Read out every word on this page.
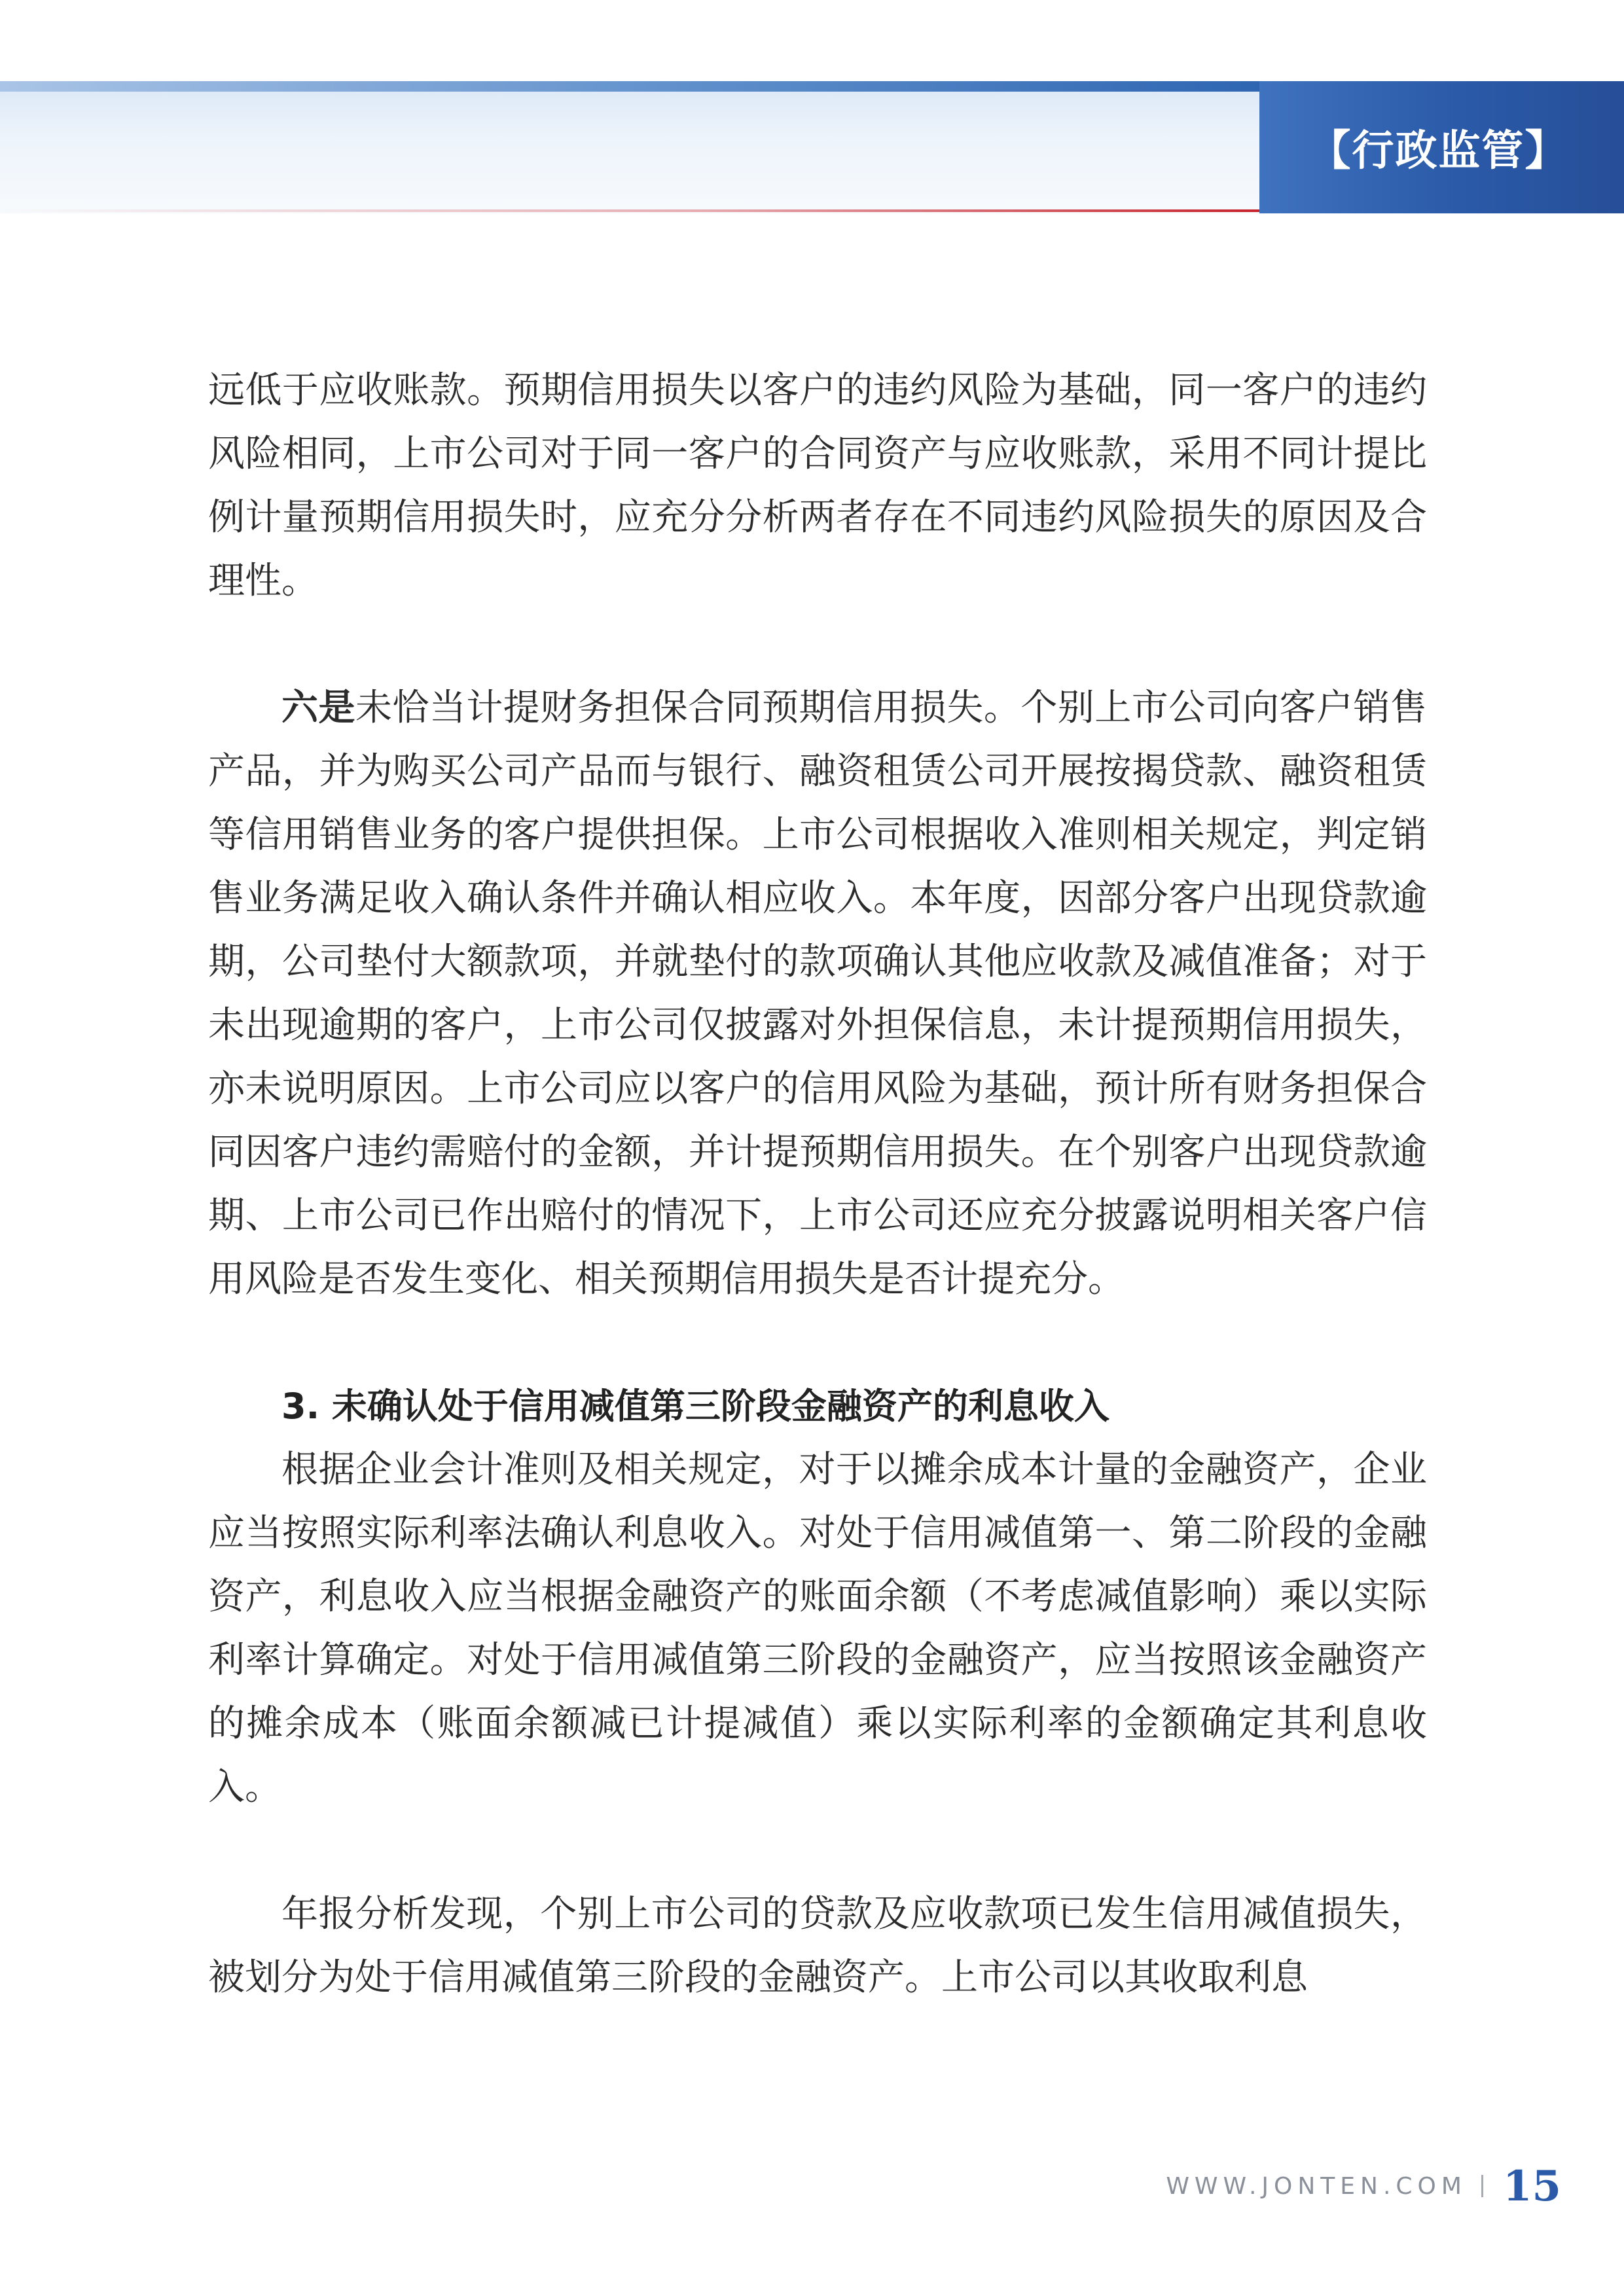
【行政监管】

远低于应收账款。预期信用损失以客户的违约风险为基础，同一客户的违约风险相同，上市公司对于同一客户的合同资产与应收账款，采用不同计提比例计量预期信用损失时，应充分分析两者存在不同违约风险损失的原因及合理性。

六是未恰当计提财务担保合同预期信用损失。个别上市公司向客户销售产品，并为购买公司产品而与银行、融资租赁公司开展按揭贷款、融资租赁等信用销售业务的客户提供担保。上市公司根据收入准则相关规定，判定销售业务满足收入确认条件并确认相应收入。本年度，因部分客户出现贷款逾期，公司垫付大额款项，并就垫付的款项确认其他应收款及减值准备；对于未出现逾期的客户，上市公司仅披露对外担保信息，未计提预期信用损失，亦未说明原因。上市公司应以客户的信用风险为基础，预计所有财务担保合同因客户违约需赔付的金额，并计提预期信用损失。在个别客户出现贷款逾期、上市公司已作出赔付的情况下，上市公司还应充分披露说明相关客户信用风险是否发生变化、相关预期信用损失是否计提充分。

3. 未确认处于信用减值第三阶段金融资产的利息收入

根据企业会计准则及相关规定，对于以摊余成本计量的金融资产，企业应当按照实际利率法确认利息收入。对处于信用减值第一、第二阶段的金融资产，利息收入应当根据金融资产的账面余额（不考虑减值影响）乘以实际利率计算确定。对处于信用减值第三阶段的金融资产，应当按照该金融资产的摊余成本（账面余额减已计提减值）乘以实际利率的金额确定其利息收入。

年报分析发现，个别上市公司的贷款及应收款项已发生信用减值损失，被划分为处于信用减值第三阶段的金融资产。上市公司以其收取利息

WWW.JONTEN.COM 15
